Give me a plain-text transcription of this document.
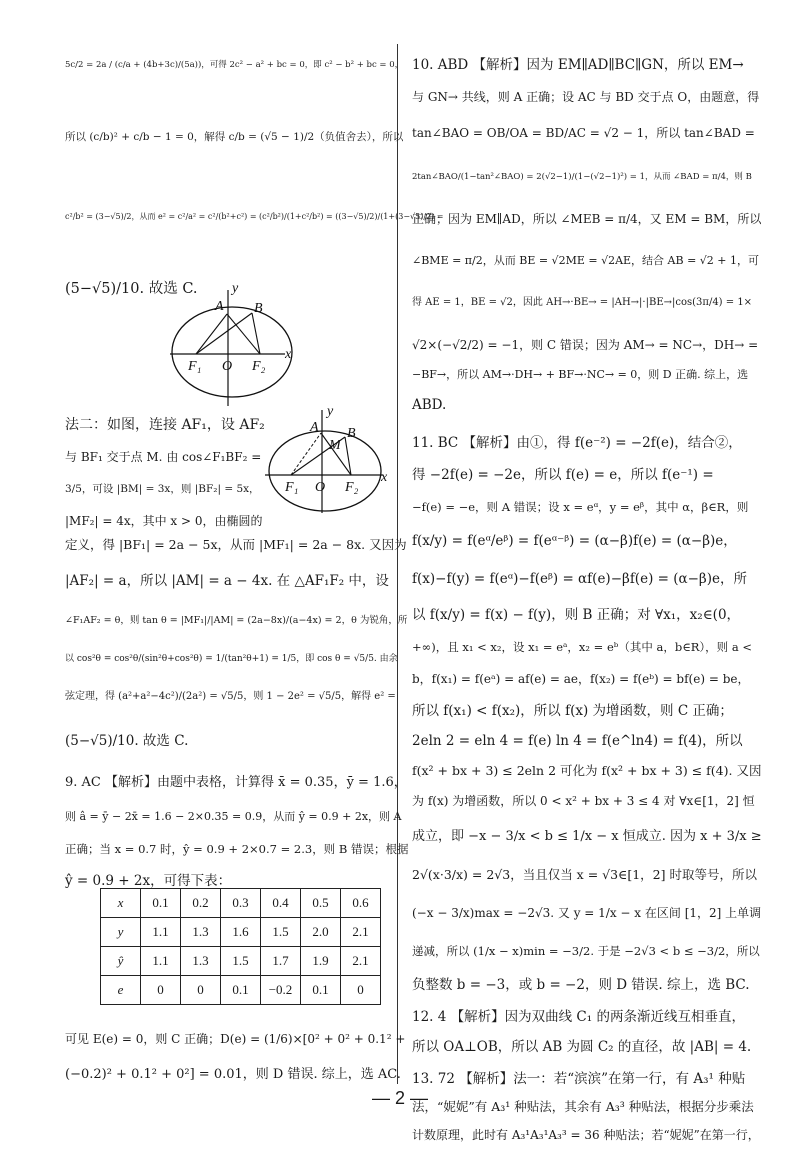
5c/2 = 2a / (c/a + (4b+3c)/(5a))，可得 2c² − a² + bc = 0，即 c² − b² + bc = 0，
所以 (c/b)² + c/b − 1 = 0，解得 c/b = (√5 − 1)/2（负值舍去），所以
c²/b² = (3−√5)/2，从而 e² = c²/a² = c²/(b²+c²) = (c²/b²)/(1+c²/b²) = ((3−√5)/2)/(1+(3−√5)/2) =
(5−√5)/10. 故选 C. y
A B
F₁ O F₂
x
法二：如图，连接 AF₁，设 AF₂
与 BF₁ 交于点 M. 由 cos∠F₁BF₂ =
3/5，可设 |BM| = 3x，则 |BF₂| = 5x，
|MF₂| = 4x，其中 x > 0，由椭圆的
y
A
M
B
F₁ O F₂
x
定义，得 |BF₁| = 2a − 5x，从而 |MF₁| = 2a − 8x. 又因为
|AF₂| = a，所以 |AM| = a − 4x. 在 △AF₁F₂ 中，设
∠F₁AF₂ = θ，则 tan θ = |MF₁|/|AM| = (2a−8x)/(a−4x) = 2，θ 为锐角，所
以 cos²θ = cos²θ/(sin²θ+cos²θ) = 1/(tan²θ+1) = 1/5，即 cos θ = √5/5. 由余
弦定理，得 (a²+a²−4c²)/(2a²) = √5/5，则 1 − 2e² = √5/5，解得 e² =
(5−√5)/10. 故选 C.
9. AC 【解析】由题中表格，计算得 x̄ = 0.35，ȳ = 1.6，
则 â = ȳ − 2x̄ = 1.6 − 2×0.35 = 0.9，从而 ŷ = 0.9 + 2x，则 A
正确；当 x = 0.7 时，ŷ = 0.9 + 2×0.7 = 2.3，则 B 错误；根据
ŷ = 0.9 + 2x，可得下表：
x	0.1	0.2	0.3	0.4	0.5	0.6
y	1.1	1.3	1.6	1.5	2.0	2.1
ŷ	1.1	1.3	1.5	1.7	1.9	2.1
e	0	0	0.1	−0.2	0.1	0
可见 E(e) = 0，则 C 正确；D(e) = (1/6)×[0² + 0² + 0.1² +
(−0.2)² + 0.1² + 0²] = 0.01，则 D 错误. 综上，选 AC.
10. ABD 【解析】因为 EM∥AD∥BC∥GN，所以 EM→
与 GN→ 共线，则 A 正确；设 AC 与 BD 交于点 O，由题意，得
tan∠BAO = OB/OA = BD/AC = √2 − 1，所以 tan∠BAD =
2tan∠BAO/(1−tan²∠BAO) = 2(√2−1)/(1−(√2−1)²) = 1，从而 ∠BAD = π/4，则 B
正确；因为 EM∥AD，所以 ∠MEB = π/4，又 EM = BM，所以
∠BME = π/2，从而 BE = √2ME = √2AE，结合 AB = √2 + 1，可
得 AE = 1，BE = √2，因此 AH→·BE→ = |AH→|·|BE→|cos(3π/4) = 1×
√2×(−√2/2) = −1，则 C 错误；因为 AM→ = NC→，DH→ =
−BF→，所以 AM→·DH→ + BF→·NC→ = 0，则 D 正确. 综上，选
ABD.
11. BC 【解析】由①，得 f(e⁻²) = −2f(e)，结合②，
得 −2f(e) = −2e，所以 f(e) = e，所以 f(e⁻¹) =
−f(e) = −e，则 A 错误；设 x = eᵅ，y = eᵝ，其中 α，β∈R，则
f(x/y) = f(eᵅ/eᵝ) = f(eᵅ⁻ᵝ) = (α−β)f(e) = (α−β)e，
f(x)−f(y) = f(eᵅ)−f(eᵝ) = αf(e)−βf(e) = (α−β)e，所
以 f(x/y) = f(x) − f(y)，则 B 正确；对 ∀x₁，x₂∈(0，
+∞)，且 x₁ < x₂，设 x₁ = eᵃ，x₂ = eᵇ（其中 a，b∈R），则 a <
b，f(x₁) = f(eᵃ) = af(e) = ae，f(x₂) = f(eᵇ) = bf(e) = be，
所以 f(x₁) < f(x₂)，所以 f(x) 为增函数，则 C 正确；
2eln 2 = eln 4 = f(e) ln 4 = f(e^ln4) = f(4)，所以
f(x² + bx + 3) ≤ 2eln 2 可化为 f(x² + bx + 3) ≤ f(4). 又因
为 f(x) 为增函数，所以 0 < x² + bx + 3 ≤ 4 对 ∀x∈[1，2] 恒
成立，即 −x − 3/x < b ≤ 1/x − x 恒成立. 因为 x + 3/x ≥
2√(x·3/x) = 2√3，当且仅当 x = √3∈[1，2] 时取等号，所以
(−x − 3/x)max = −2√3. 又 y = 1/x − x 在区间 [1，2] 上单调
递减，所以 (1/x − x)min = −3/2. 于是 −2√3 < b ≤ −3/2，所以
负整数 b = −3，或 b = −2，则 D 错误. 综上，选 BC.
12. 4 【解析】因为双曲线 C₁ 的两条渐近线互相垂直，
所以 OA⊥OB，所以 AB 为圆 C₂ 的直径，故 |AB| = 4.
13. 72 【解析】法一：若“滨滨”在第一行，有 A₃¹ 种贴
法，“妮妮”有 A₃¹ 种贴法，其余有 A₃³ 种贴法，根据分步乘法
计数原理，此时有 A₃¹A₃¹A₃³ = 36 种贴法；若“妮妮”在第一行，
— 2 —
